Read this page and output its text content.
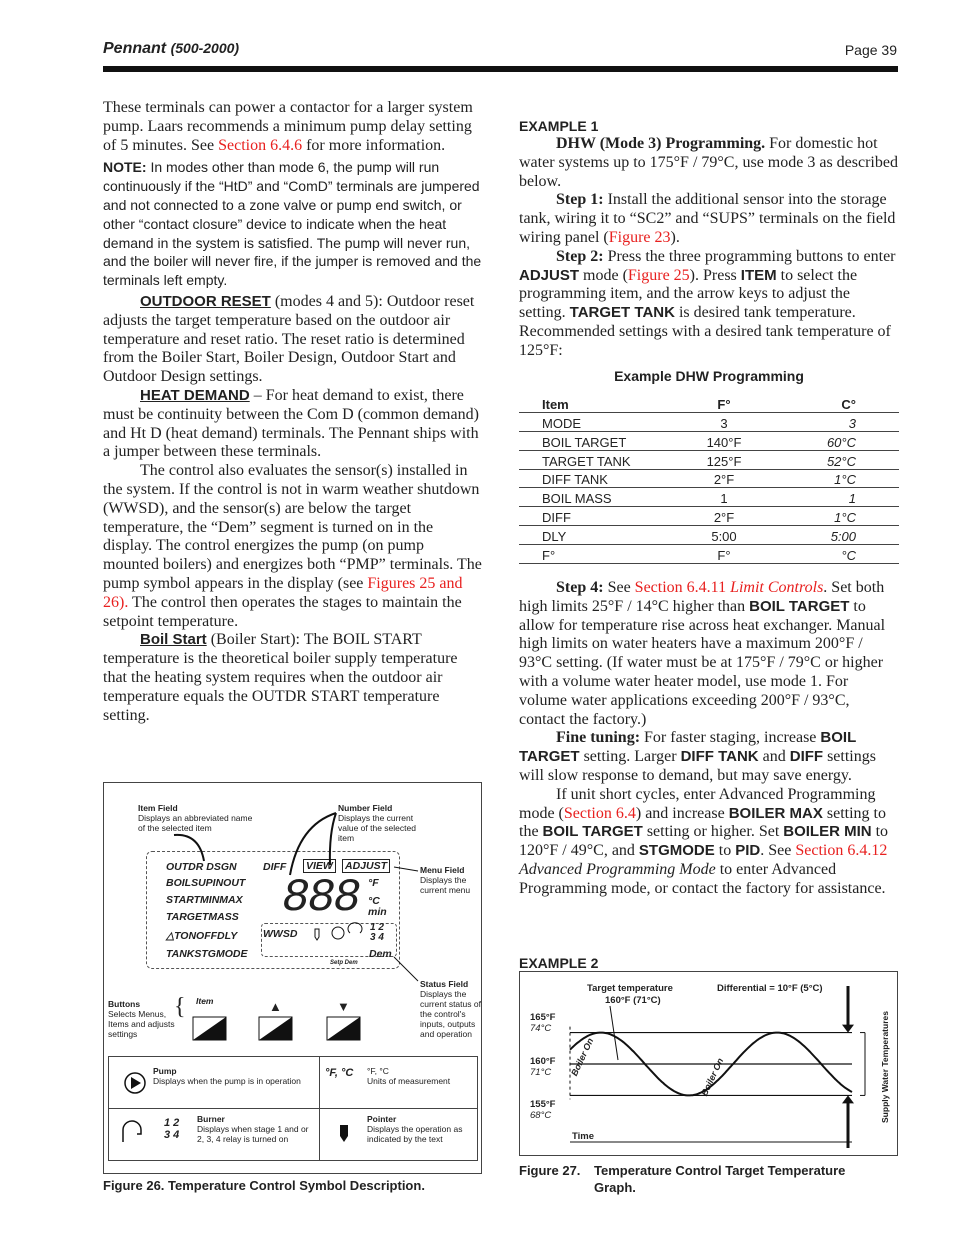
Pennant (500-2000)	Page 39

These terminals can power a contactor for a larger system pump. Laars recommends a minimum pump delay setting of 5 minutes. See Section 6.4.6 for more information.

NOTE: In modes other than mode 6, the pump will run continuously if the “HtD” and “ComD” terminals are jumpered and not connected to a zone valve or pump end switch, or other “contact closure” device to indicate when the heat demand in the system is satisfied. The pump will never run, and the boiler will never fire, if the jumper is removed and the terminals left empty.

OUTDOOR RESET (modes 4 and 5): Outdoor reset adjusts the target temperature based on the outdoor air temperature and reset ratio. The reset ratio is determined from the Boiler Start, Boiler Design, Outdoor Start and Outdoor Design settings.

HEAT DEMAND – For heat demand to exist, there must be continuity between the Com D (common demand) and Ht D (heat demand) terminals. The Pennant ships with a jumper between these terminals.

The control also evaluates the sensor(s) installed in the system. If the control is not in warm weather shutdown (WWSD), and the sensor(s) are below the target temperature, the “Dem” segment is turned on in the display. The control energizes the pump (on pump mounted boilers) and energizes both “PMP” terminals. The pump symbol appears in the display (see Figures 25 and 26). The control then operates the stages to maintain the setpoint temperature.

Boil Start (Boiler Start): The BOIL START temperature is the theoretical boiler supply temperature that the heating system requires when the outdoor air temperature equals the OUTDR START temperature setting.

EXAMPLE 1

DHW (Mode 3) Programming. For domestic hot water systems up to 175°F / 79°C, use mode 3 as described below.

Step 1: Install the additional sensor into the storage tank, wiring it to “SC2” and “SUPS” terminals on the field wiring panel (Figure 23).

Step 2: Press the three programming buttons to enter ADJUST mode (Figure 25). Press ITEM to select the programming item, and the arrow keys to adjust the setting. TARGET TANK is desired tank temperature. Recommended settings with a desired tank temperature of 125°F:

Example DHW Programming
Item	F°	C°
MODE	3	3
BOIL TARGET	140°F	60°C
TARGET TANK	125°F	52°C
DIFF TANK	2°F	1°C
BOIL MASS	1	1
DIFF	2°F	1°C
DLY	5:00	5:00
F°	F°	°C

Step 4: See Section 6.4.11 Limit Controls. Set both high limits 25°F / 14°C higher than BOIL TARGET to allow for temperature rise across heat exchanger. Manual high limits on water heaters have a maximum 200°F / 93°C setting. (If water must be at 175°F / 79°C or higher with a volume water heater model, use mode 1. For volume water applications exceeding 200°F / 93°C, contact the factory.)

Fine tuning: For faster staging, increase BOIL TARGET setting. Larger DIFF TANK and DIFF settings will slow response to demand, but may save energy.

If unit short cycles, enter Advanced Programming mode (Section 6.4) and increase BOILER MAX setting to the BOIL TARGET setting or higher. Set BOILER MIN to 120°F / 49°C, and STGMODE to PID. See Section 6.4.12 Advanced Programming Mode to enter Advanced Programming mode, or contact the factory for assistance.

Item Field
Displays an abbreviated name of the selected item
Number Field
Displays the current value of the selected item
Menu Field
Displays the current menu
Status Field
Displays the current status of the control's inputs, outputs and operation
Buttons
Selects Menus, Items and adjusts settings
OUTDR DSGN
BOILSUPINOUT
STARTMINMAX
TARGETMASS
△TONOFFDLY
TANKSTGMODE
DIFF VIEW ADJUST
888 °F
°C
min
WWSD
1 2 3 4
Dem
Setp Dem
{ Item	▲	▼
Pump
Displays when the pump is in operation
°F, °C °F, °C
Units of measurement
1 2 3 4
Burner
Displays when stage 1 and or 2, 3, 4 relay is turned on
Pointer
Displays the operation as indicated by the text
Figure 26. Temperature Control Symbol Description.
EXAMPLE 2
Target temperature
160°F (71°C)
Differential = 10°F (5°C)
165°F
74°C
160°F
71°C
155°F
68°C
Time
Supply Water Temperatures
Boiler On	Boiler On
Figure 27. Temperature Control Target Temperature Graph.
